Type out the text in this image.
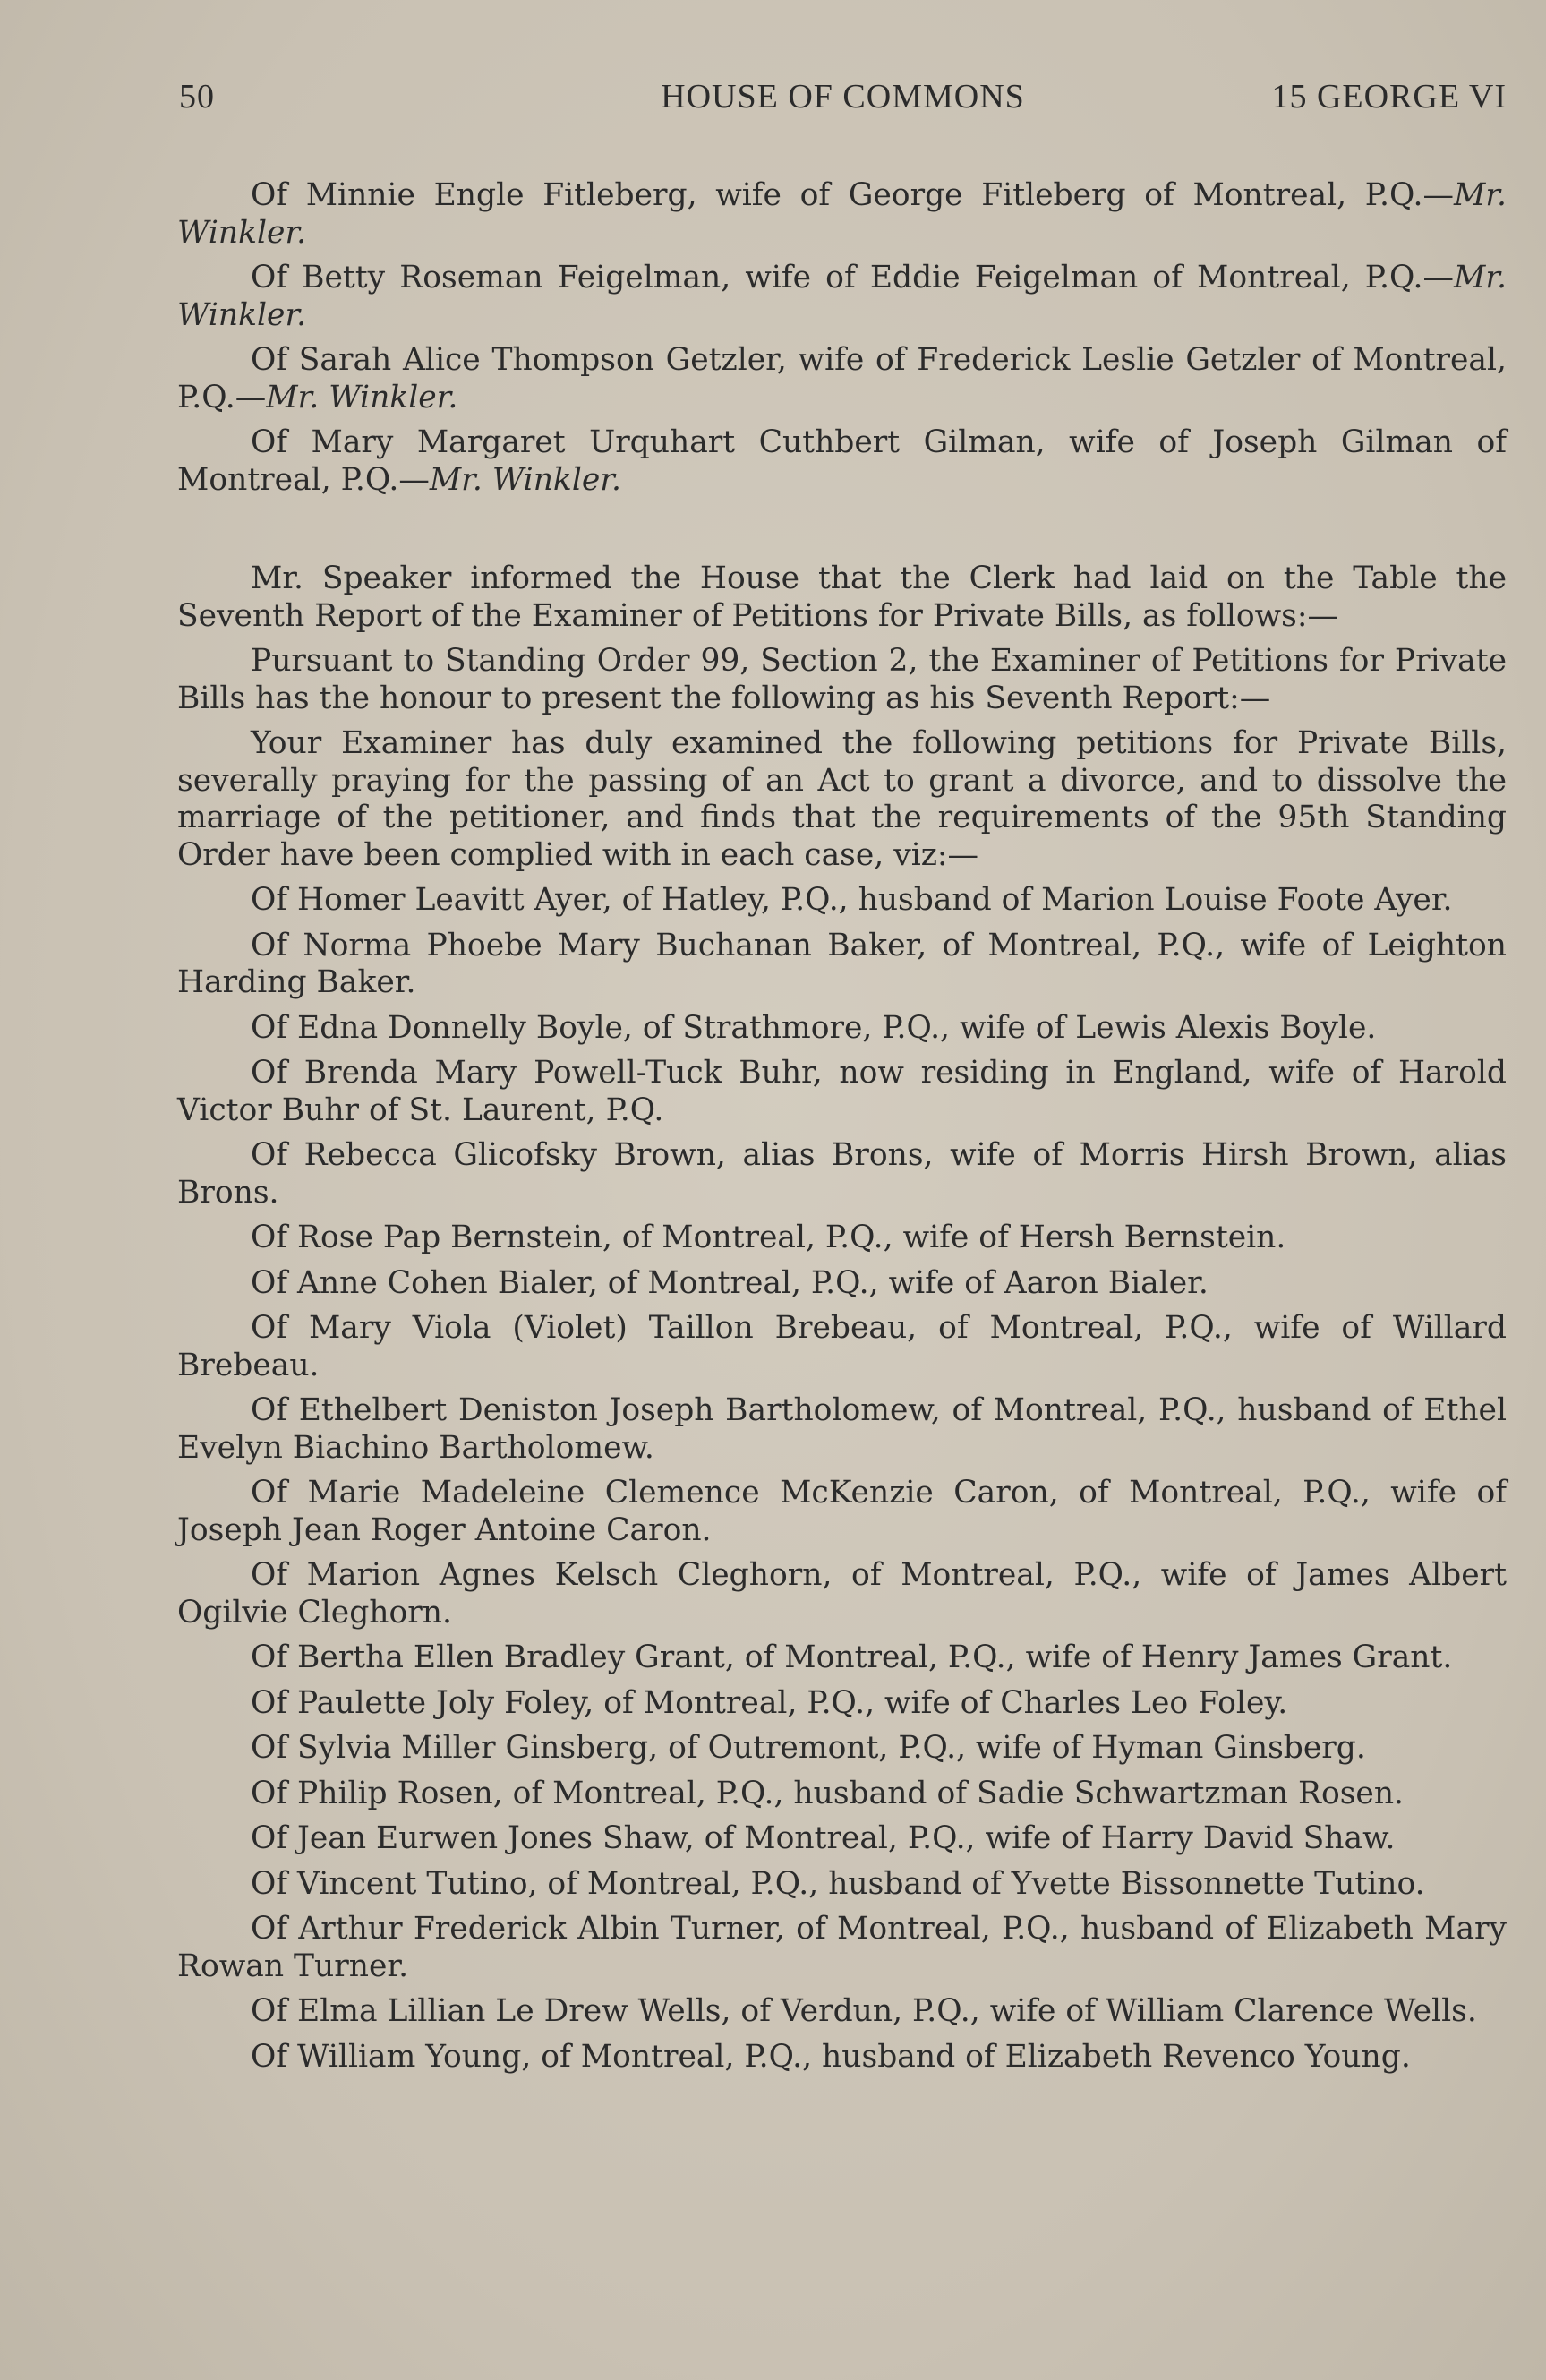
50	HOUSE OF COMMONS	15 GEORGE VI

Of Minnie Engle Fitleberg, wife of George Fitleberg of Montreal, P.Q.—Mr. Winkler.

Of Betty Roseman Feigelman, wife of Eddie Feigelman of Montreal, P.Q.—Mr. Winkler.

Of Sarah Alice Thompson Getzler, wife of Frederick Leslie Getzler of Montreal, P.Q.—Mr. Winkler.

Of Mary Margaret Urquhart Cuthbert Gilman, wife of Joseph Gilman of Montreal, P.Q.—Mr. Winkler.

Mr. Speaker informed the House that the Clerk had laid on the Table the Seventh Report of the Examiner of Petitions for Private Bills, as follows:—

Pursuant to Standing Order 99, Section 2, the Examiner of Petitions for Private Bills has the honour to present the following as his Seventh Report:—

Your Examiner has duly examined the following petitions for Private Bills, severally praying for the passing of an Act to grant a divorce, and to dissolve the marriage of the petitioner, and finds that the requirements of the 95th Standing Order have been complied with in each case, viz:—

Of Homer Leavitt Ayer, of Hatley, P.Q., husband of Marion Louise Foote Ayer.

Of Norma Phoebe Mary Buchanan Baker, of Montreal, P.Q., wife of Leighton Harding Baker.

Of Edna Donnelly Boyle, of Strathmore, P.Q., wife of Lewis Alexis Boyle.

Of Brenda Mary Powell-Tuck Buhr, now residing in England, wife of Harold Victor Buhr of St. Laurent, P.Q.

Of Rebecca Glicofsky Brown, alias Brons, wife of Morris Hirsh Brown, alias Brons.

Of Rose Pap Bernstein, of Montreal, P.Q., wife of Hersh Bernstein.

Of Anne Cohen Bialer, of Montreal, P.Q., wife of Aaron Bialer.

Of Mary Viola (Violet) Taillon Brebeau, of Montreal, P.Q., wife of Willard Brebeau.

Of Ethelbert Deniston Joseph Bartholomew, of Montreal, P.Q., husband of Ethel Evelyn Biachino Bartholomew.

Of Marie Madeleine Clemence McKenzie Caron, of Montreal, P.Q., wife of Joseph Jean Roger Antoine Caron.

Of Marion Agnes Kelsch Cleghorn, of Montreal, P.Q., wife of James Albert Ogilvie Cleghorn.

Of Bertha Ellen Bradley Grant, of Montreal, P.Q., wife of Henry James Grant.

Of Paulette Joly Foley, of Montreal, P.Q., wife of Charles Leo Foley.

Of Sylvia Miller Ginsberg, of Outremont, P.Q., wife of Hyman Ginsberg.

Of Philip Rosen, of Montreal, P.Q., husband of Sadie Schwartzman Rosen.

Of Jean Eurwen Jones Shaw, of Montreal, P.Q., wife of Harry David Shaw.

Of Vincent Tutino, of Montreal, P.Q., husband of Yvette Bissonnette Tutino.

Of Arthur Frederick Albin Turner, of Montreal, P.Q., husband of Elizabeth Mary Rowan Turner.

Of Elma Lillian Le Drew Wells, of Verdun, P.Q., wife of William Clarence Wells.

Of William Young, of Montreal, P.Q., husband of Elizabeth Revenco Young.
